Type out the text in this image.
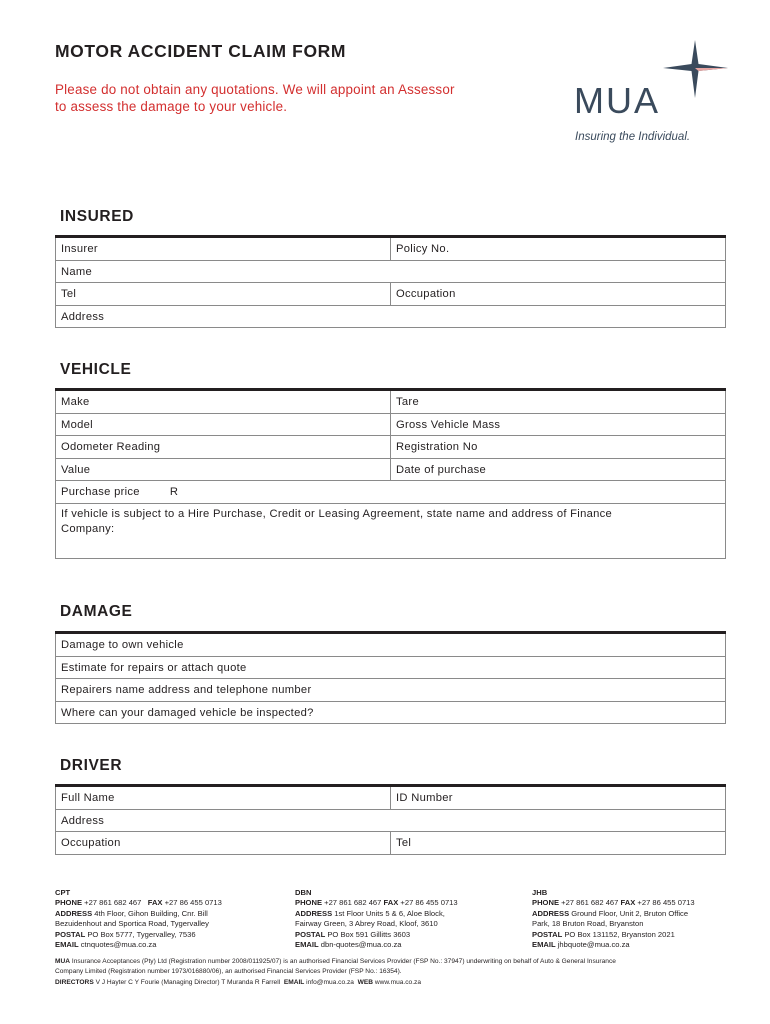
MOTOR ACCIDENT CLAIM FORM
Please do not obtain any quotations. We will appoint an Assessor
to assess the damage to your vehicle.	MUA
Insuring the Individual.
INSURED
Insurer	Policy No.
Name
Tel	Occupation
Address
VEHICLE
Make	Tare
Model	Gross Vehicle Mass
Odometer Reading	Registration No
Value	Date of purchase
Purchase price	R
If vehicle is subject to a Hire Purchase, Credit or Leasing Agreement, state name and address of Finance
Company:
DAMAGE
Damage to own vehicle
Estimate for repairs or attach quote
Repairers name address and telephone number
Where can your damaged vehicle be inspected?
DRIVER
Full Name	ID Number
Address
Occupation	Tel
CPT
PHONE +27 861 682 467 FAX +27 86 455 0713
ADDRESS 4th Floor, Gihon Building, Cnr. Bill
Bezuidenhout and Sportica Road, Tygervalley
POSTAL PO Box 5777, Tygervalley, 7536
EMAIL ctnquotes@mua.co.za
DBN
PHONE +27 861 682 467 FAX +27 86 455 0713
ADDRESS 1st Floor Units 5 & 6, Aloe Block,
Fairway Green, 3 Abrey Road, Kloof, 3610
POSTAL PO Box 591 Gillitts 3603
EMAIL dbn-quotes@mua.co.za
JHB
PHONE +27 861 682 467 FAX +27 86 455 0713
ADDRESS Ground Floor, Unit 2, Bruton Office
Park, 18 Bruton Road, Bryanston
POSTAL PO Box 131152, Bryanston 2021
EMAIL jhbquote@mua.co.za
MUA Insurance Acceptances (Pty) Ltd (Registration number 2008/011925/07) is an authorised Financial Services Provider (FSP No.: 37947) underwriting on behalf of Auto & General Insurance
Company Limited (Registration number 1973/016880/06), an authorised Financial Services Provider (FSP No.: 16354).
DIRECTORS V J Hayter C Y Fourie (Managing Director) T Muranda R Farrell EMAIL info@mua.co.za WEB www.mua.co.za
